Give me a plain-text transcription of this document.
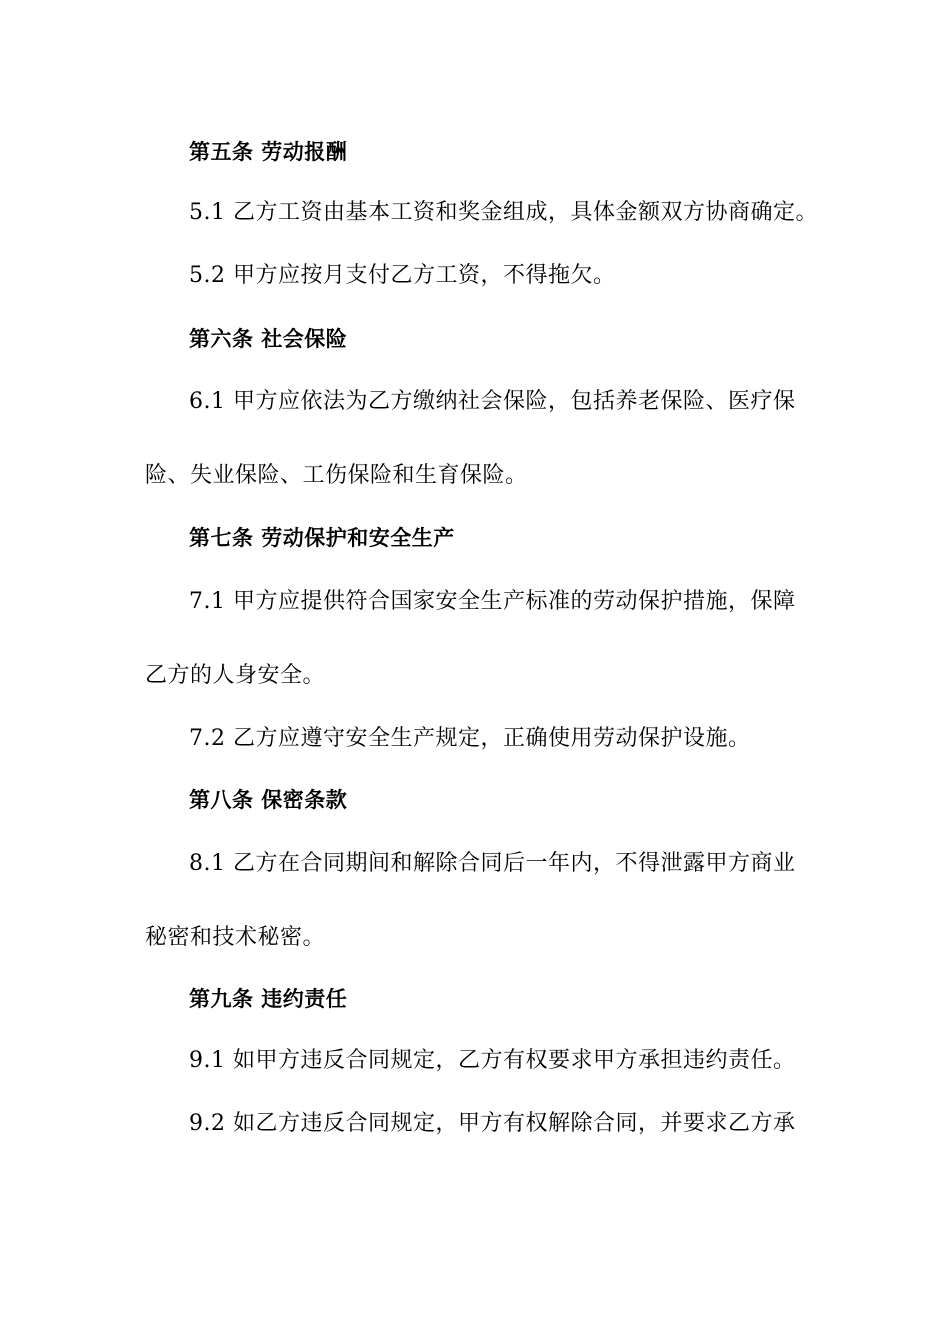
第五条 劳动报酬
5.1 乙方工资由基本工资和奖金组成，具体金额双方协商确定。
5.2 甲方应按月支付乙方工资，不得拖欠。
第六条 社会保险
6.1 甲方应依法为乙方缴纳社会保险，包括养老保险、医疗保
险、失业保险、工伤保险和生育保险。
第七条 劳动保护和安全生产
7.1 甲方应提供符合国家安全生产标准的劳动保护措施，保障
乙方的人身安全。
7.2 乙方应遵守安全生产规定，正确使用劳动保护设施。
第八条 保密条款
8.1 乙方在合同期间和解除合同后一年内，不得泄露甲方商业
秘密和技术秘密。
第九条 违约责任
9.1 如甲方违反合同规定，乙方有权要求甲方承担违约责任。
9.2 如乙方违反合同规定，甲方有权解除合同，并要求乙方承
